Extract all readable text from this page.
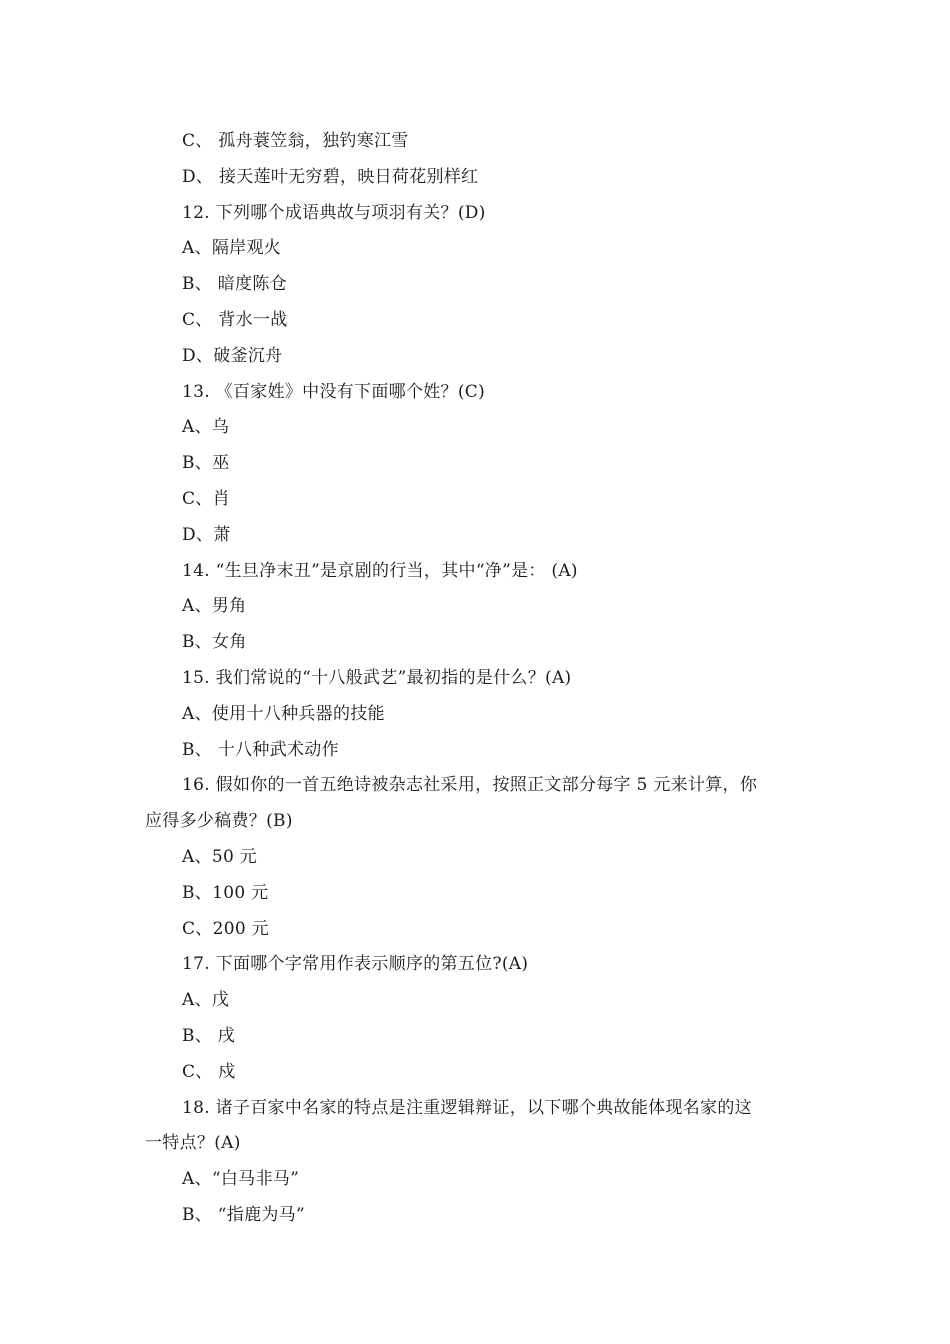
C、 孤舟蓑笠翁，独钓寒江雪
D、 接天莲叶无穷碧，映日荷花别样红
12. 下列哪个成语典故与项羽有关？(D)
A、隔岸观火
B、 暗度陈仓
C、 背水一战
D、破釜沉舟
13. 《百家姓》中没有下面哪个姓？(C)
A、乌
B、巫
C、肖
D、萧
14. “生旦净末丑”是京剧的行当，其中“净”是： (A)
A、男角
B、女角
15. 我们常说的“十八般武艺”最初指的是什么？(A)
A、使用十八种兵器的技能
B、 十八种武术动作
16. 假如你的一首五绝诗被杂志社采用，按照正文部分每字 5 元来计算，你
应得多少稿费？(B)
A、50 元
B、100 元
C、200 元
17. 下面哪个字常用作表示顺序的第五位?(A)
A、戊
B、 戌
C、 戍
18. 诸子百家中名家的特点是注重逻辑辩证，以下哪个典故能体现名家的这
一特点？(A)
A、“白马非马”
B、 “指鹿为马”
